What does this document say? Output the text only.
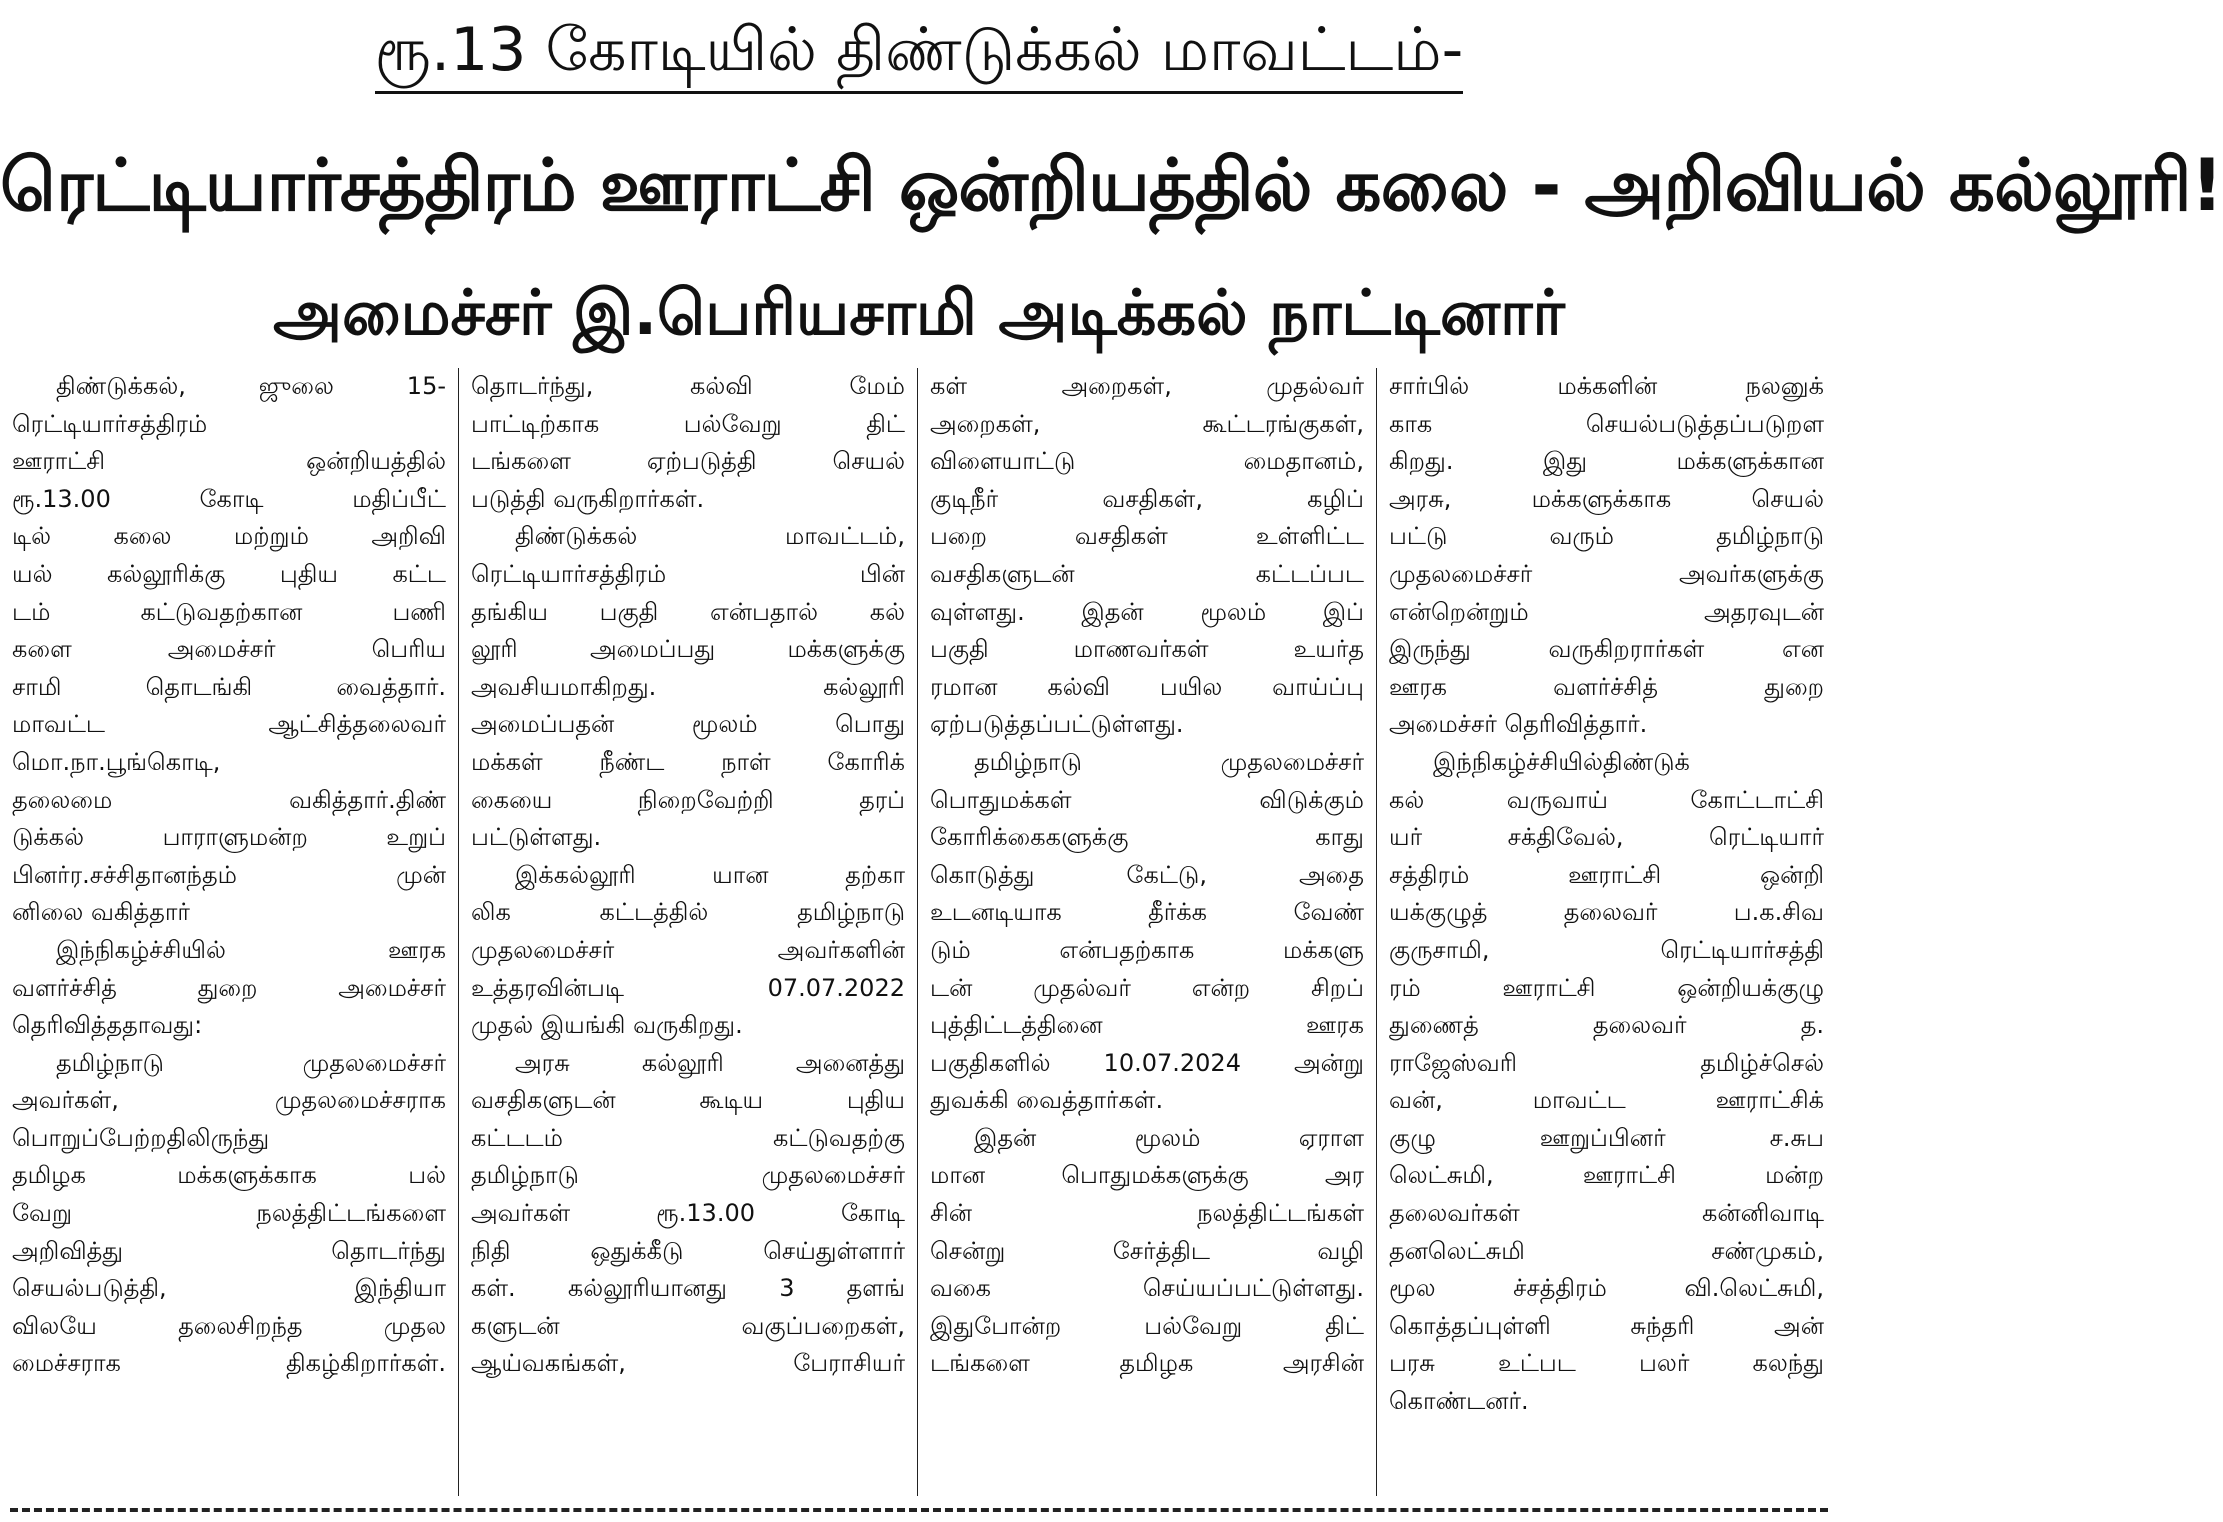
ரூ.13 கோடியில் திண்டுக்கல் மாவட்டம்-
ரெட்டியார்சத்திரம் ஊராட்சி ஒன்றியத்தில் கலை - அறிவியல் கல்லூரி!
அமைச்சர் இ.பெரியசாமி அடிக்கல் நாட்டினார்
திண்டுக்கல், ஜுலை 15-
ரெட்டியார்சத்திரம்
ஊராட்சி ஒன்றியத்தில்
ரூ.13.00 கோடி மதிப்பீட்
டில் கலை மற்றும் அறிவி
யல் கல்லூரிக்கு புதிய கட்ட
டம் கட்டுவதற்கான பணி
களை அமைச்சர் பெரிய
சாமி தொடங்கி வைத்தார்.
மாவட்ட ஆட்சித்தலைவர்
மொ.நா.பூங்கொடி,
தலைமை வகித்தார்.திண்
டுக்கல் பாராளுமன்ற உறுப்
பினர்ர.சச்சிதானந்தம் முன்
னிலை வகித்தார்
இந்நிகழ்ச்சியில் ஊரக
வளர்ச்சித் துறை அமைச்சர்
தெரிவித்ததாவது:
தமிழ்நாடு முதலமைச்சர்
அவர்கள், முதலமைச்சராக
பொறுப்பேற்றதிலிருந்து
தமிழக மக்களுக்காக பல்
வேறு நலத்திட்டங்களை
அறிவித்து தொடர்ந்து
செயல்படுத்தி, இந்தியா
விலயே தலைசிறந்த முதல
மைச்சராக திகழ்கிறார்கள்.
தொடர்ந்து, கல்வி மேம்
பாட்டிற்காக பல்வேறு திட்
டங்களை ஏற்படுத்தி செயல்
படுத்தி வருகிறார்கள்.
திண்டுக்கல் மாவட்டம்,
ரெட்டியார்சத்திரம் பின்
தங்கிய பகுதி என்பதால் கல்
லூரி அமைப்பது மக்களுக்கு
அவசியமாகிறது. கல்லூரி
அமைப்பதன் மூலம் பொது
மக்கள் நீண்ட நாள் கோரிக்
கையை நிறைவேற்றி தரப்
பட்டுள்ளது.
இக்கல்லூரி யான தற்கா
லிக கட்டத்தில் தமிழ்நாடு
முதலமைச்சர் அவர்களின்
உத்தரவின்படி 07.07.2022
முதல் இயங்கி வருகிறது.
அரசு கல்லூரி அனைத்து
வசதிகளுடன் கூடிய புதிய
கட்டடம் கட்டுவதற்கு
தமிழ்நாடு முதலமைச்சர்
அவர்கள் ரூ.13.00 கோடி
நிதி ஒதுக்கீடு செய்துள்ளார்
கள். கல்லூரியானது 3 தளங்
களுடன் வகுப்பறைகள்,
ஆய்வகங்கள், பேராசியர்
கள் அறைகள், முதல்வர்
அறைகள், கூட்டரங்குகள்,
விளையாட்டு மைதானம்,
குடிநீர் வசதிகள், கழிப்
பறை வசதிகள் உள்ளிட்ட
வசதிகளுடன் கட்டப்பட
வுள்ளது. இதன் மூலம் இப்
பகுதி மாணவர்கள் உயர்த
ரமான கல்வி பயில வாய்ப்பு
ஏற்படுத்தப்பட்டுள்ளது.
தமிழ்நாடு முதலமைச்சர்
பொதுமக்கள் விடுக்கும்
கோரிக்கைகளுக்கு காது
கொடுத்து கேட்டு, அதை
உடனடியாக தீர்க்க வேண்
டும் என்பதற்காக மக்களு
டன் முதல்வர் என்ற சிறப்
புத்திட்டத்தினை ஊரக
பகுதிகளில் 10.07.2024 அன்று
துவக்கி வைத்தார்கள்.
இதன் மூலம் ஏராள
மான பொதுமக்களுக்கு அர
சின் நலத்திட்டங்கள்
சென்று சேர்த்திட வழி
வகை செய்யப்பட்டுள்ளது.
இதுபோன்ற பல்வேறு திட்
டங்களை தமிழக அரசின்
சார்பில் மக்களின் நலனுக்
காக செயல்படுத்தப்படுறள
கிறது. இது மக்களுக்கான
அரசு, மக்களுக்காக செயல்
பட்டு வரும் தமிழ்நாடு
முதலமைச்சர் அவர்களுக்கு
என்றென்றும் அதரவுடன்
இருந்து வருகிறரார்கள் என
ஊரக வளர்ச்சித் துறை
அமைச்சர் தெரிவித்தார்.
இந்நிகழ்ச்சியில்திண்டுக்
கல் வருவாய் கோட்டாட்சி
யர் சக்திவேல், ரெட்டியார்
சத்திரம் ஊராட்சி ஒன்றி
யக்குழுத் தலைவர் ப.க.சிவ
குருசாமி, ரெட்டியார்சத்தி
ரம் ஊராட்சி ஒன்றியக்குழு
துணைத் தலைவர் த.
ராஜேஸ்வரி தமிழ்ச்செல்
வன், மாவட்ட ஊராட்சிக்
குழு ஊறுப்பினர் ச.சுப
லெட்சுமி, ஊராட்சி மன்ற
தலைவர்கள் கன்னிவாடி
தனலெட்சுமி சண்முகம்,
மூல ச்சத்திரம் வி.லெட்சுமி,
கொத்தப்புள்ளி சுந்தரி அன்
பரசு உட்பட பலர் கலந்து
கொண்டனர்.
